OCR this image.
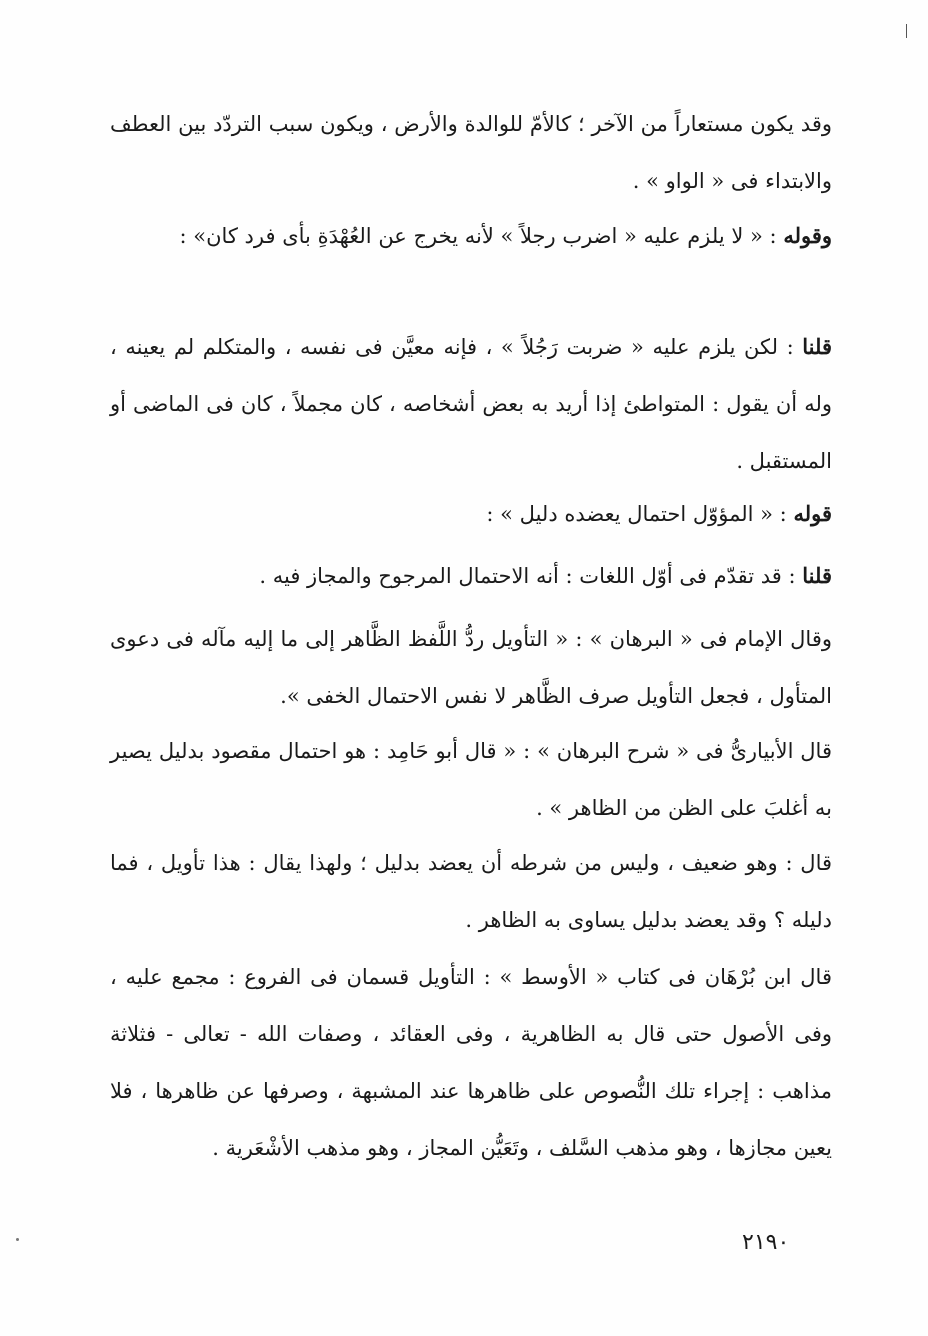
وقد يكون مستعاراً من الآخر ؛ كالأمّ للوالدة والأرض ، ويكون سبب التردّد بين العطف والابتداء فى « الواو » .

وقوله : « لا يلزم عليه « اضرب رجلاً » لأنه يخرج عن العُهْدَةِ بأى فرد كان» :

قلنا : لكن يلزم عليه « ضربت رَجُلاً » ، فإنه معيَّن فى نفسه ، والمتكلم لم يعينه ، وله أن يقول : المتواطئ إذا أريد به بعض أشخاصه ، كان مجملاً ، كان فى الماضى أو المستقبل .

قوله : « المؤوّل احتمال يعضده دليل » :

قلنا : قد تقدّم فى أوّل اللغات : أنه الاحتمال المرجوح والمجاز فيه .

وقال الإمام فى « البرهان » : « التأويل ردُّ اللَّفظ الظَّاهر إلى ما إليه مآله فى دعوى المتأول ، فجعل التأويل صرف الظَّاهر لا نفس الاحتمال الخفى ».

قال الأبيارىُّ فى « شرح البرهان » : « قال أبو حَامِد : هو احتمال مقصود بدليل يصير به أغلبَ على الظن من الظاهر » .

قال : وهو ضعيف ، وليس من شرطه أن يعضد بدليل ؛ ولهذا يقال : هذا تأويل ، فما دليله ؟ وقد يعضد بدليل يساوى به الظاهر .

قال ابن بُرْهَان فى كتاب « الأوسط » : التأويل قسمان فى الفروع : مجمع عليه ، وفى الأصول حتى قال به الظاهرية ، وفى العقائد ، وصفات الله - تعالى - فثلاثة مذاهب : إجراء تلك النُّصوص على ظاهرها عند المشبهة ، وصرفها عن ظاهرها ، فلا يعين مجازها ، وهو مذهب السَّلف ، وتَعَيُّن المجاز ، وهو مذهب الأشْعَرية .

٢١٩٠
